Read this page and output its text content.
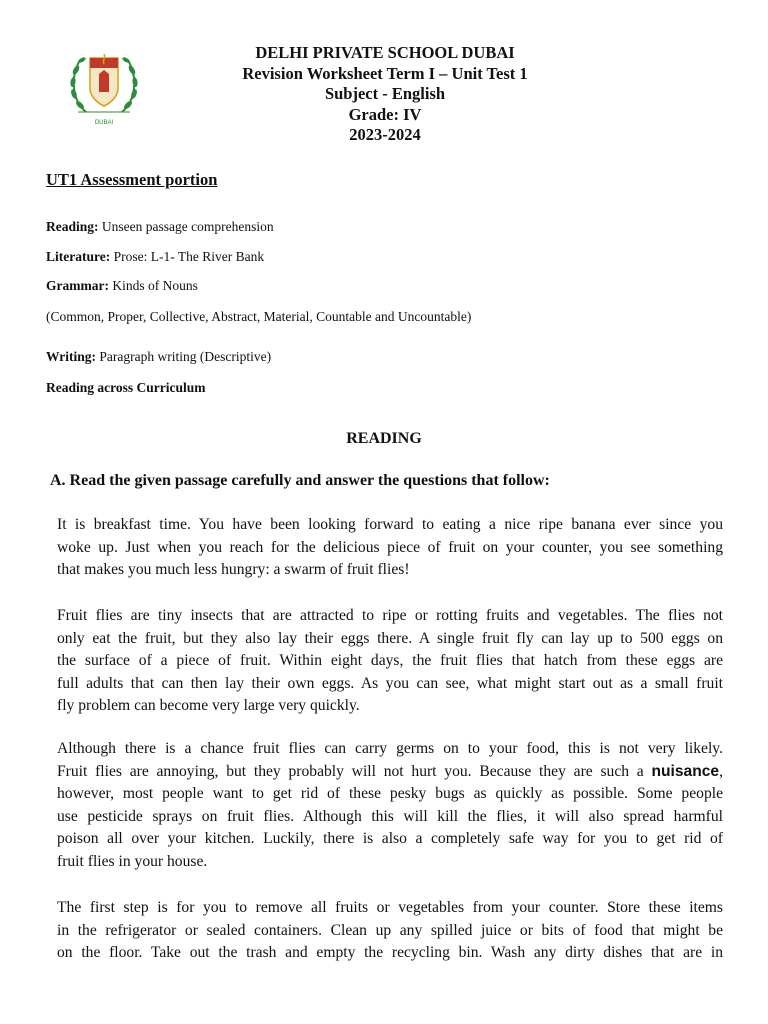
DUBAI
DELHI PRIVATE SCHOOL DUBAI
Revision Worksheet Term I – Unit Test 1
Subject - English
Grade: IV
2023-2024
UT1 Assessment portion
Reading: Unseen passage comprehension
Literature: Prose: L-1- The River Bank
Grammar: Kinds of Nouns
(Common, Proper, Collective, Abstract, Material, Countable and Uncountable)
Writing: Paragraph writing (Descriptive)
Reading across Curriculum
READING
A. Read the given passage carefully and answer the questions that follow:
It is breakfast time. You have been looking forward to eating a nice ripe banana ever since you
woke up. Just when you reach for the delicious piece of fruit on your counter, you see something
that makes you much less hungry: a swarm of fruit flies!
Fruit flies are tiny insects that are attracted to ripe or rotting fruits and vegetables. The flies not
only eat the fruit, but they also lay their eggs there. A single fruit fly can lay up to 500 eggs on
the surface of a piece of fruit. Within eight days, the fruit flies that hatch from these eggs are
full adults that can then lay their own eggs. As you can see, what might start out as a small fruit
fly problem can become very large very quickly.
Although there is a chance fruit flies can carry germs on to your food, this is not very likely.
Fruit flies are annoying, but they probably will not hurt you. Because they are such a nuisance,
however, most people want to get rid of these pesky bugs as quickly as possible. Some people
use pesticide sprays on fruit flies. Although this will kill the flies, it will also spread harmful
poison all over your kitchen. Luckily, there is also a completely safe way for you to get rid of
fruit flies in your house.
The first step is for you to remove all fruits or vegetables from your counter. Store these items
in the refrigerator or sealed containers. Clean up any spilled juice or bits of food that might be
on the floor. Take out the trash and empty the recycling bin. Wash any dirty dishes that are in
